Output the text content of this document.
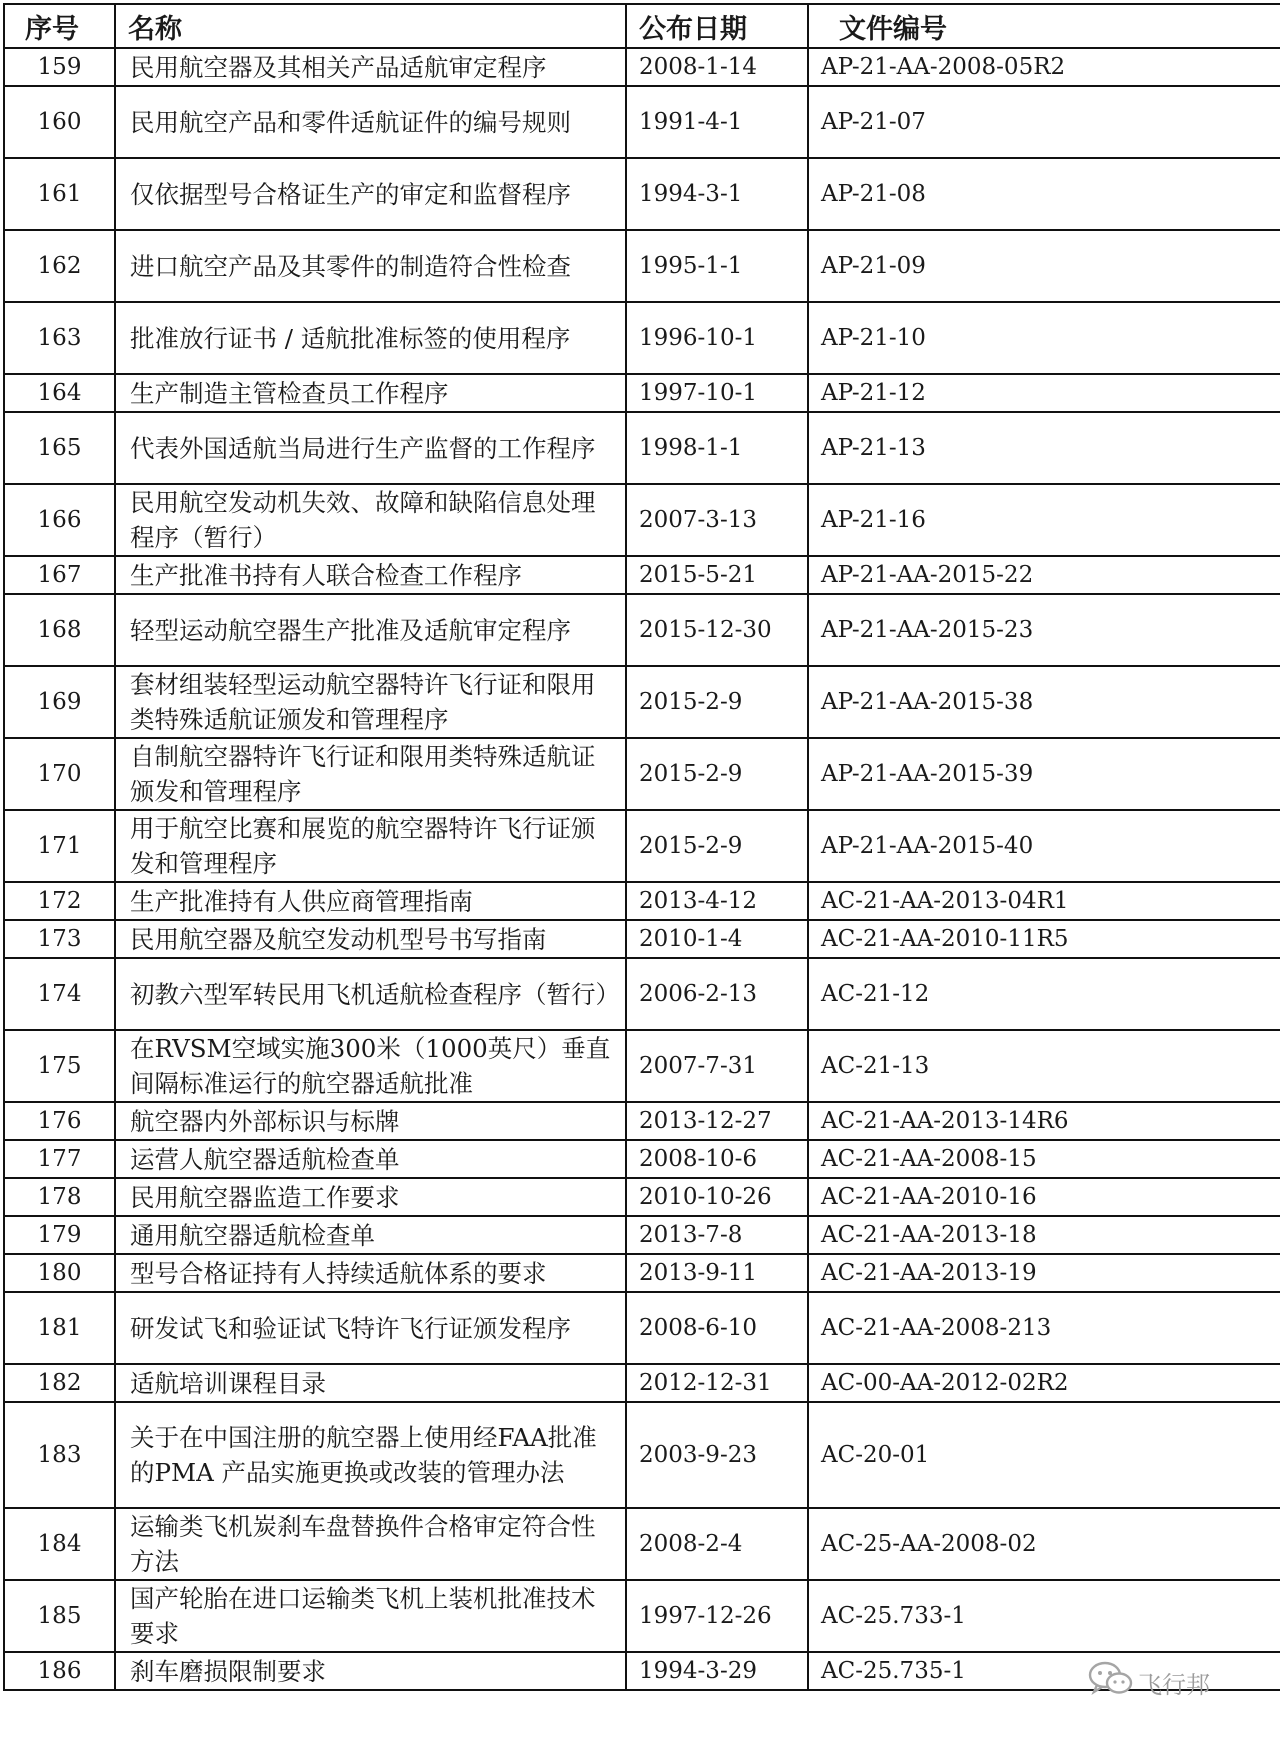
序号	名称	公布日期	文件编号
159	民用航空器及其相关产品适航审定程序	2008-1-14	AP-21-AA-2008-05R2
160	民用航空产品和零件适航证件的编号规则	1991-4-1	AP-21-07
161	仅依据型号合格证生产的审定和监督程序	1994-3-1	AP-21-08
162	进口航空产品及其零件的制造符合性检查	1995-1-1	AP-21-09
163	批准放行证书 / 适航批准标签的使用程序	1996-10-1	AP-21-10
164	生产制造主管检查员工作程序	1997-10-1	AP-21-12
165	代表外国适航当局进行生产监督的工作程序	1998-1-1	AP-21-13
166	民用航空发动机失效、故障和缺陷信息处理程序（暂行）	2007-3-13	AP-21-16
167	生产批准书持有人联合检查工作程序	2015-5-21	AP-21-AA-2015-22
168	轻型运动航空器生产批准及适航审定程序	2015-12-30	AP-21-AA-2015-23
169	套材组装轻型运动航空器特许飞行证和限用类特殊适航证颁发和管理程序	2015-2-9	AP-21-AA-2015-38
170	自制航空器特许飞行证和限用类特殊适航证颁发和管理程序	2015-2-9	AP-21-AA-2015-39
171	用于航空比赛和展览的航空器特许飞行证颁发和管理程序	2015-2-9	AP-21-AA-2015-40
172	生产批准持有人供应商管理指南	2013-4-12	AC-21-AA-2013-04R1
173	民用航空器及航空发动机型号书写指南	2010-1-4	AC-21-AA-2010-11R5
174	初教六型军转民用飞机适航检查程序（暂行）	2006-2-13	AC-21-12
175	在RVSM空域实施300米（1000英尺）垂直间隔标准运行的航空器适航批准	2007-7-31	AC-21-13
176	航空器内外部标识与标牌	2013-12-27	AC-21-AA-2013-14R6
177	运营人航空器适航检查单	2008-10-6	AC-21-AA-2008-15
178	民用航空器监造工作要求	2010-10-26	AC-21-AA-2010-16
179	通用航空器适航检查单	2013-7-8	AC-21-AA-2013-18
180	型号合格证持有人持续适航体系的要求	2013-9-11	AC-21-AA-2013-19
181	研发试飞和验证试飞特许飞行证颁发程序	2008-6-10	AC-21-AA-2008-213
182	适航培训课程目录	2012-12-31	AC-00-AA-2012-02R2
183	关于在中国注册的航空器上使用经FAA批准的PMA 产品实施更换或改装的管理办法	2003-9-23	AC-20-01
184	运输类飞机炭刹车盘替换件合格审定符合性方法	2008-2-4	AC-25-AA-2008-02
185	国产轮胎在进口运输类飞机上装机批准技术要求	1997-12-26	AC-25.733-1
186	刹车磨损限制要求	1994-3-29	AC-25.735-1	飞行邦
